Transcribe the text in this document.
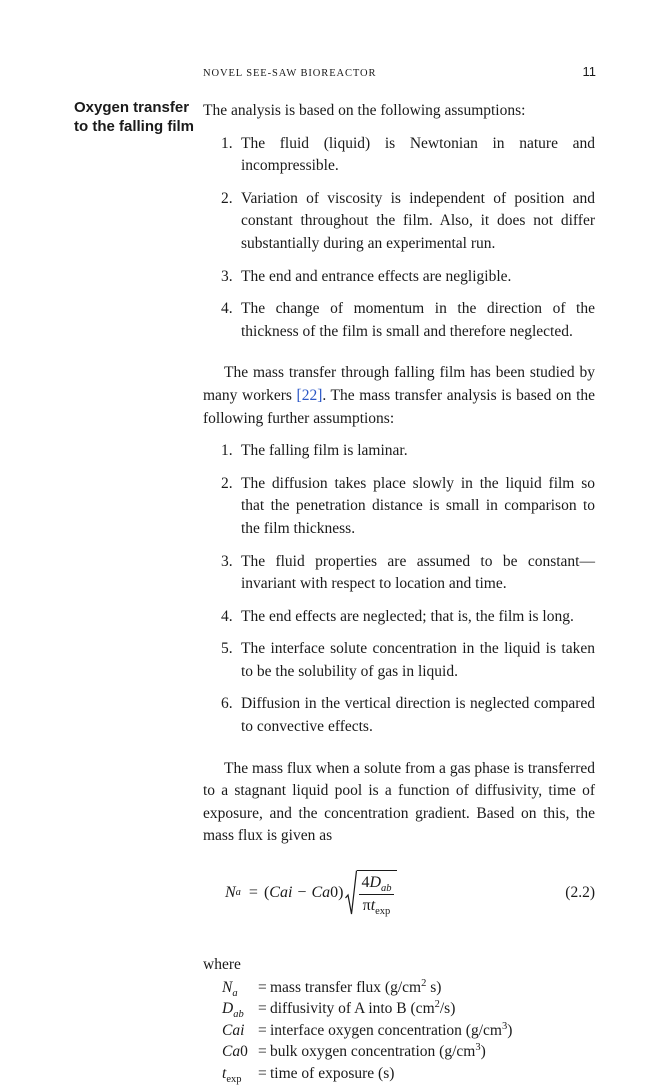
NOVEL SEE-SAW BIOREACTOR	11
Oxygen transfer
to the falling film

The analysis is based on the following assumptions:

1. The fluid (liquid) is Newtonian in nature and incompressible.
2. Variation of viscosity is independent of position and constant throughout the film. Also, it does not differ substantially during an experimental run.
3. The end and entrance effects are negligible.
4. The change of momentum in the direction of the thickness of the film is small and therefore neglected.

The mass transfer through falling film has been studied by many workers [22]. The mass transfer analysis is based on the following further assumptions:

1. The falling film is laminar.
2. The diffusion takes place slowly in the liquid film so that the penetration distance is small in comparison to the film thickness.
3. The fluid properties are assumed to be constant—invariant with respect to location and time.
4. The end effects are neglected; that is, the film is long.
5. The interface solute concentration in the liquid is taken to be the solubility of gas in liquid.
6. Diffusion in the vertical direction is neglected compared to convective effects.

The mass flux when a solute from a gas phase is transferred to a stagnant liquid pool is a function of diffusivity, time of exposure, and the concentration gradient. Based on this, the mass flux is given as

N a = ( Cai − Ca 0 ) $\frac{4D_{ab}}{\pi t_{exp}}$	(2.2)

where

$N_a$	= mass transfer flux ($g/cm^2$ s)
$D_{ab}$ = diffusivity of A into B $(cm^2/s)$
Cai = interface oxygen concentration $(g/cm^3)$
Ca0 = bulk oxygen concentration $(g/cm^3)$
$t_{exp}$	= time of exposure (s)
